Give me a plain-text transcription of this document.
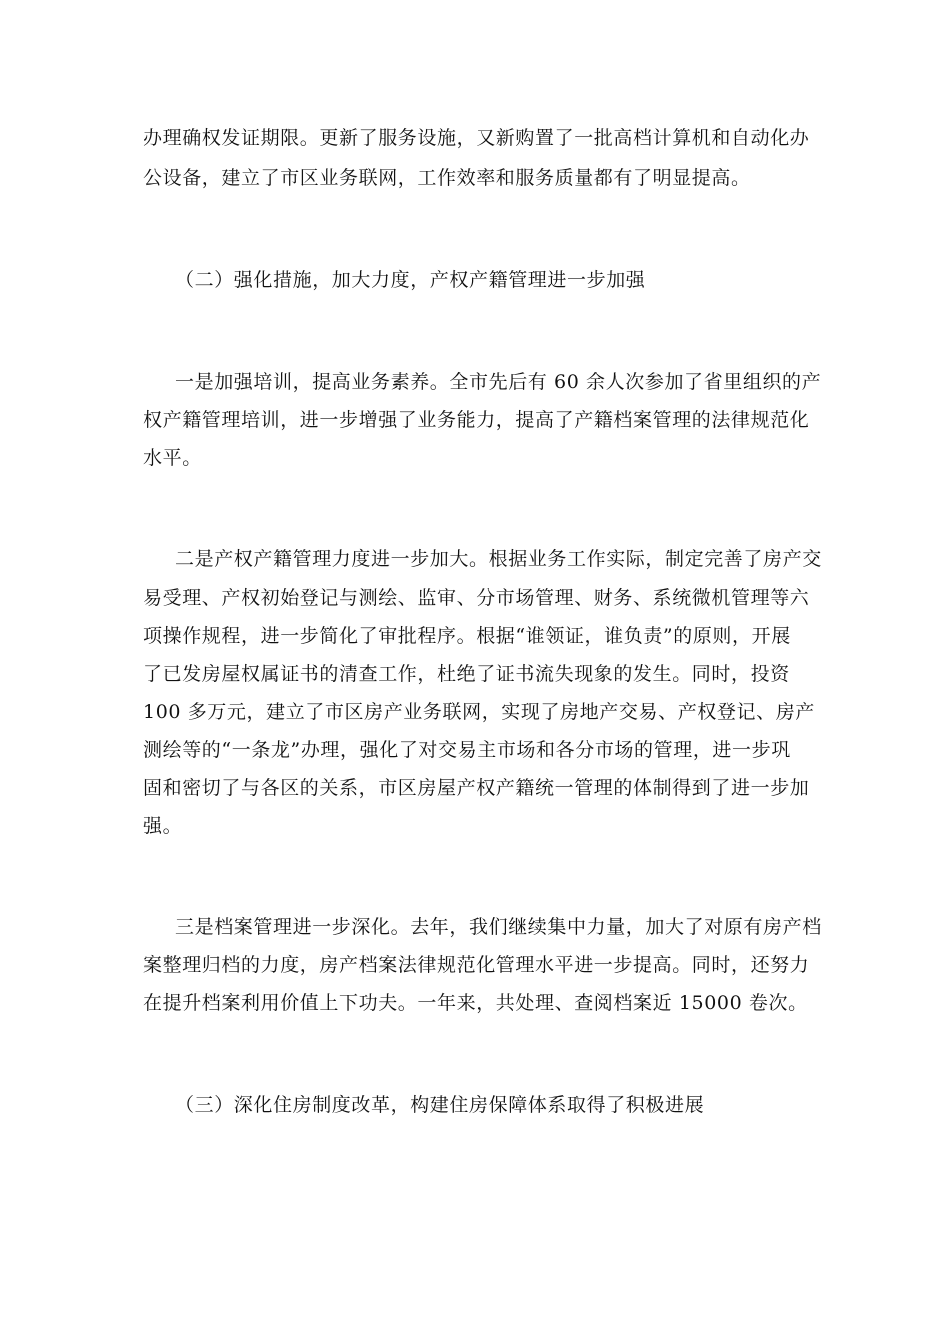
办理确权发证期限。更新了服务设施，又新购置了一批高档计算机和自动化办
公设备，建立了市区业务联网，工作效率和服务质量都有了明显提高。
（二）强化措施，加大力度，产权产籍管理进一步加强
一是加强培训，提高业务素养。全市先后有 60 余人次参加了省里组织的产
权产籍管理培训，进一步增强了业务能力，提高了产籍档案管理的法律规范化
水平。
二是产权产籍管理力度进一步加大。根据业务工作实际，制定完善了房产交
易受理、产权初始登记与测绘、监审、分市场管理、财务、系统微机管理等六
项操作规程，进一步简化了审批程序。根据“谁领证，谁负责”的原则，开展
了已发房屋权属证书的清查工作，杜绝了证书流失现象的发生。同时，投资
100 多万元，建立了市区房产业务联网，实现了房地产交易、产权登记、房产
测绘等的“一条龙”办理，强化了对交易主市场和各分市场的管理，进一步巩
固和密切了与各区的关系，市区房屋产权产籍统一管理的体制得到了进一步加
强。
三是档案管理进一步深化。去年，我们继续集中力量，加大了对原有房产档
案整理归档的力度，房产档案法律规范化管理水平进一步提高。同时，还努力
在提升档案利用价值上下功夫。一年来，共处理、查阅档案近 15000 卷次。
（三）深化住房制度改革，构建住房保障体系取得了积极进展
